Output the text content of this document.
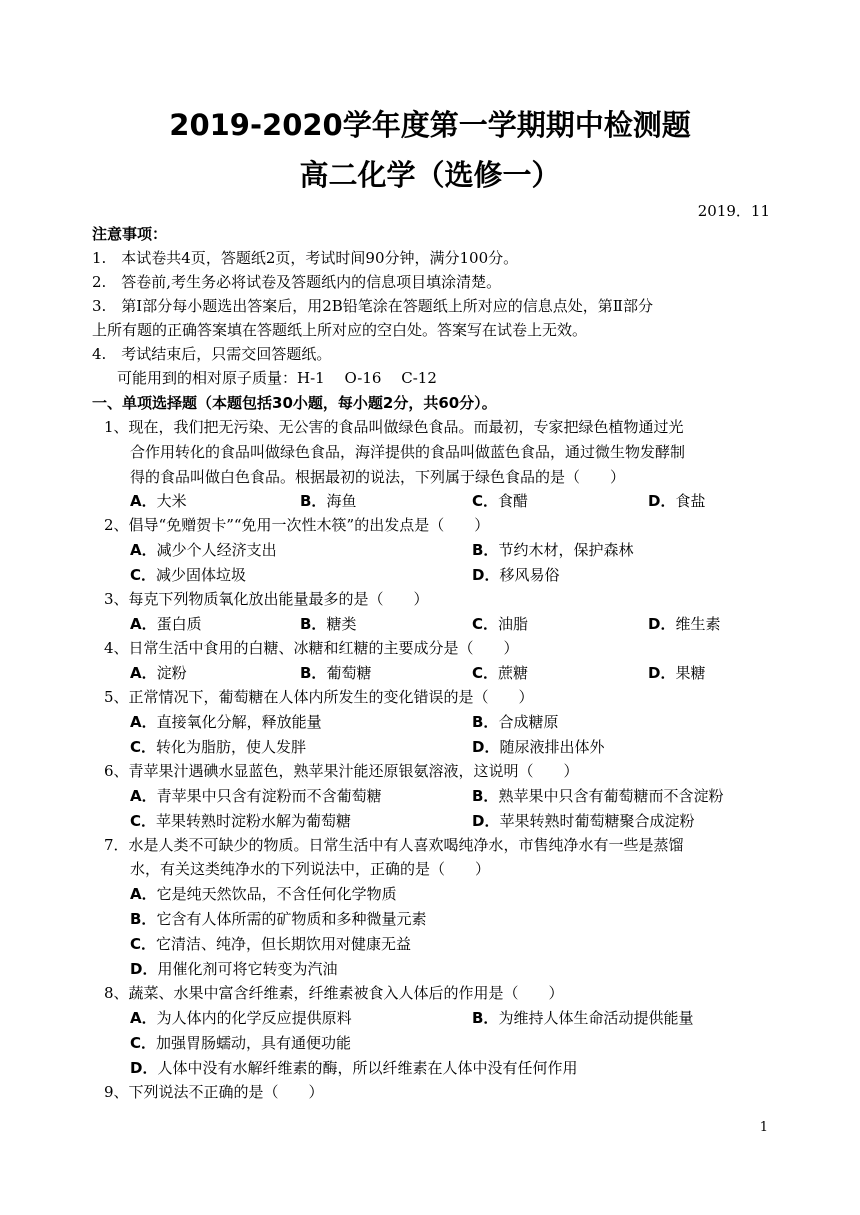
2019-2020学年度第一学期期中检测题
高二化学（选修一）
2019．11
注意事项：
1.　本试卷共4页，答题纸2页，考试时间90分钟，满分100分。
2.　答卷前,考生务必将试卷及答题纸内的信息项目填涂清楚。
3.　第Ⅰ部分每小题选出答案后，用2B铅笔涂在答题纸上所对应的信息点处，第Ⅱ部分
上所有题的正确答案填在答题纸上所对应的空白处。答案写在试卷上无效。
4.　考试结束后，只需交回答题纸。
可能用到的相对原子质量：H-1　 O-16　 C-12
一、单项选择题（本题包括30小题，每小题2分，共60分）。
1、现在，我们把无污染、无公害的食品叫做绿色食品。而最初，专家把绿色植物通过光
合作用转化的食品叫做绿色食品，海洋提供的食品叫做蓝色食品，通过微生物发酵制
得的食品叫做白色食品。根据最初的说法，下列属于绿色食品的是（　　）
A．大米	B．海鱼	C．食醋	D．食盐
2、倡导“免赠贺卡”“免用一次性木筷”的出发点是（　　）
A．减少个人经济支出	B．节约木材，保护森林
C．减少固体垃圾	D．移风易俗
3、每克下列物质氧化放出能量最多的是（　　）
A．蛋白质	B．糖类	C．油脂	D．维生素
4、日常生活中食用的白糖、冰糖和红糖的主要成分是（　　）
A．淀粉	B．葡萄糖	C．蔗糖	D．果糖
5、正常情况下，葡萄糖在人体内所发生的变化错误的是（　　）
A．直接氧化分解，释放能量	B．合成糖原
C．转化为脂肪，使人发胖	D．随尿液排出体外
6、青苹果汁遇碘水显蓝色，熟苹果汁能还原银氨溶液，这说明（　　）
A．青苹果中只含有淀粉而不含葡萄糖	B．熟苹果中只含有葡萄糖而不含淀粉
C．苹果转熟时淀粉水解为葡萄糖	D．苹果转熟时葡萄糖聚合成淀粉
7．水是人类不可缺少的物质。日常生活中有人喜欢喝纯净水，市售纯净水有一些是蒸馏
水，有关这类纯净水的下列说法中，正确的是（　　）
A．它是纯天然饮品，不含任何化学物质
B．它含有人体所需的矿物质和多种微量元素
C．它清洁、纯净，但长期饮用对健康无益
D．用催化剂可将它转变为汽油
8、蔬菜、水果中富含纤维素，纤维素被食入人体后的作用是（　　）
A．为人体内的化学反应提供原料	B．为维持人体生命活动提供能量
C．加强胃肠蠕动，具有通便功能
D．人体中没有水解纤维素的酶，所以纤维素在人体中没有任何作用
9、下列说法不正确的是（　　）
1
